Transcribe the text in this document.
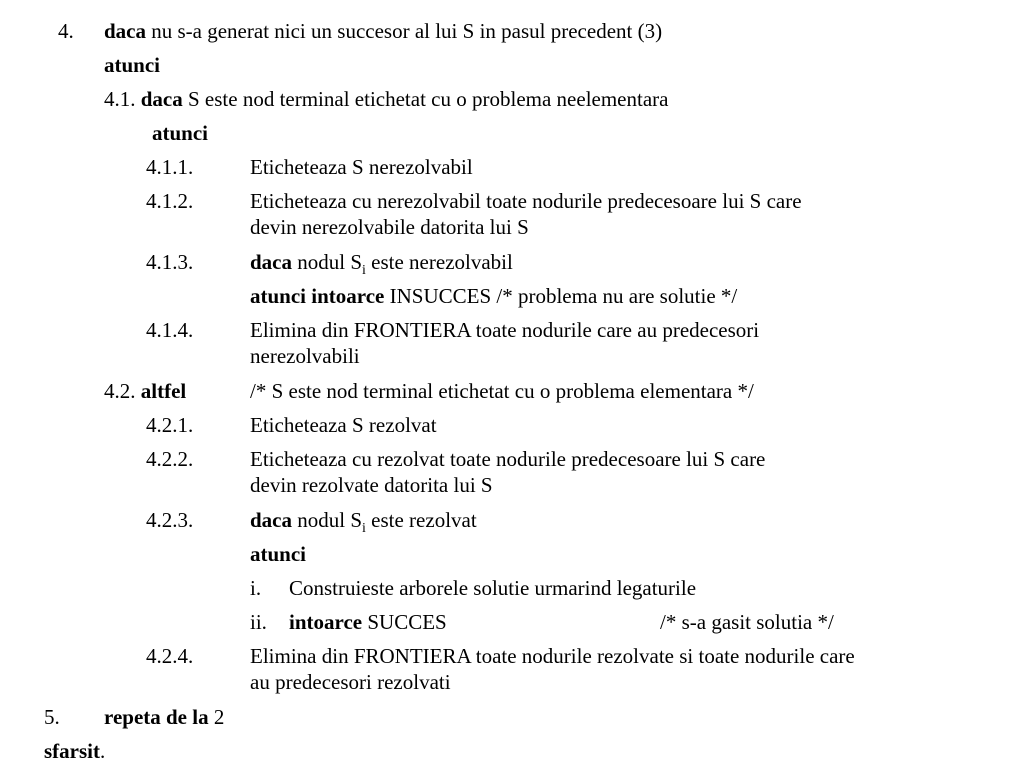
4. daca nu s-a generat nici un succesor al lui S in pasul precedent (3)
atunci
4.1. daca S este nod terminal etichetat cu o problema neelementara
atunci
4.1.1.	Eticheteaza S nerezolvabil
4.1.2.	Eticheteaza cu nerezolvabil toate nodurile predecesoare lui S care
devin nerezolvabile datorita lui S
4.1.3.	daca nodul $S_i$ este nerezolvabil
atunci intoarce INSUCCES /* problema nu are solutie */
4.1.4.	Elimina din FRONTIERA toate nodurile care au predecesori
nerezolvabili
4.2. altfel	/* S este nod terminal etichetat cu o problema elementara */
4.2.1.	Eticheteaza S rezolvat
4.2.2.	Eticheteaza cu rezolvat toate nodurile predecesoare lui S care
devin rezolvate datorita lui S
4.2.3.	daca nodul $S_i$ este rezolvat
atunci
i. Construieste arborele solutie urmarind legaturile
ii. intoarce SUCCES	/* s-a gasit solutia */
4.2.4.	Elimina din FRONTIERA toate nodurile rezolvate si toate nodurile care
au predecesori rezolvati
5. repeta de la 2
sfarsit.
